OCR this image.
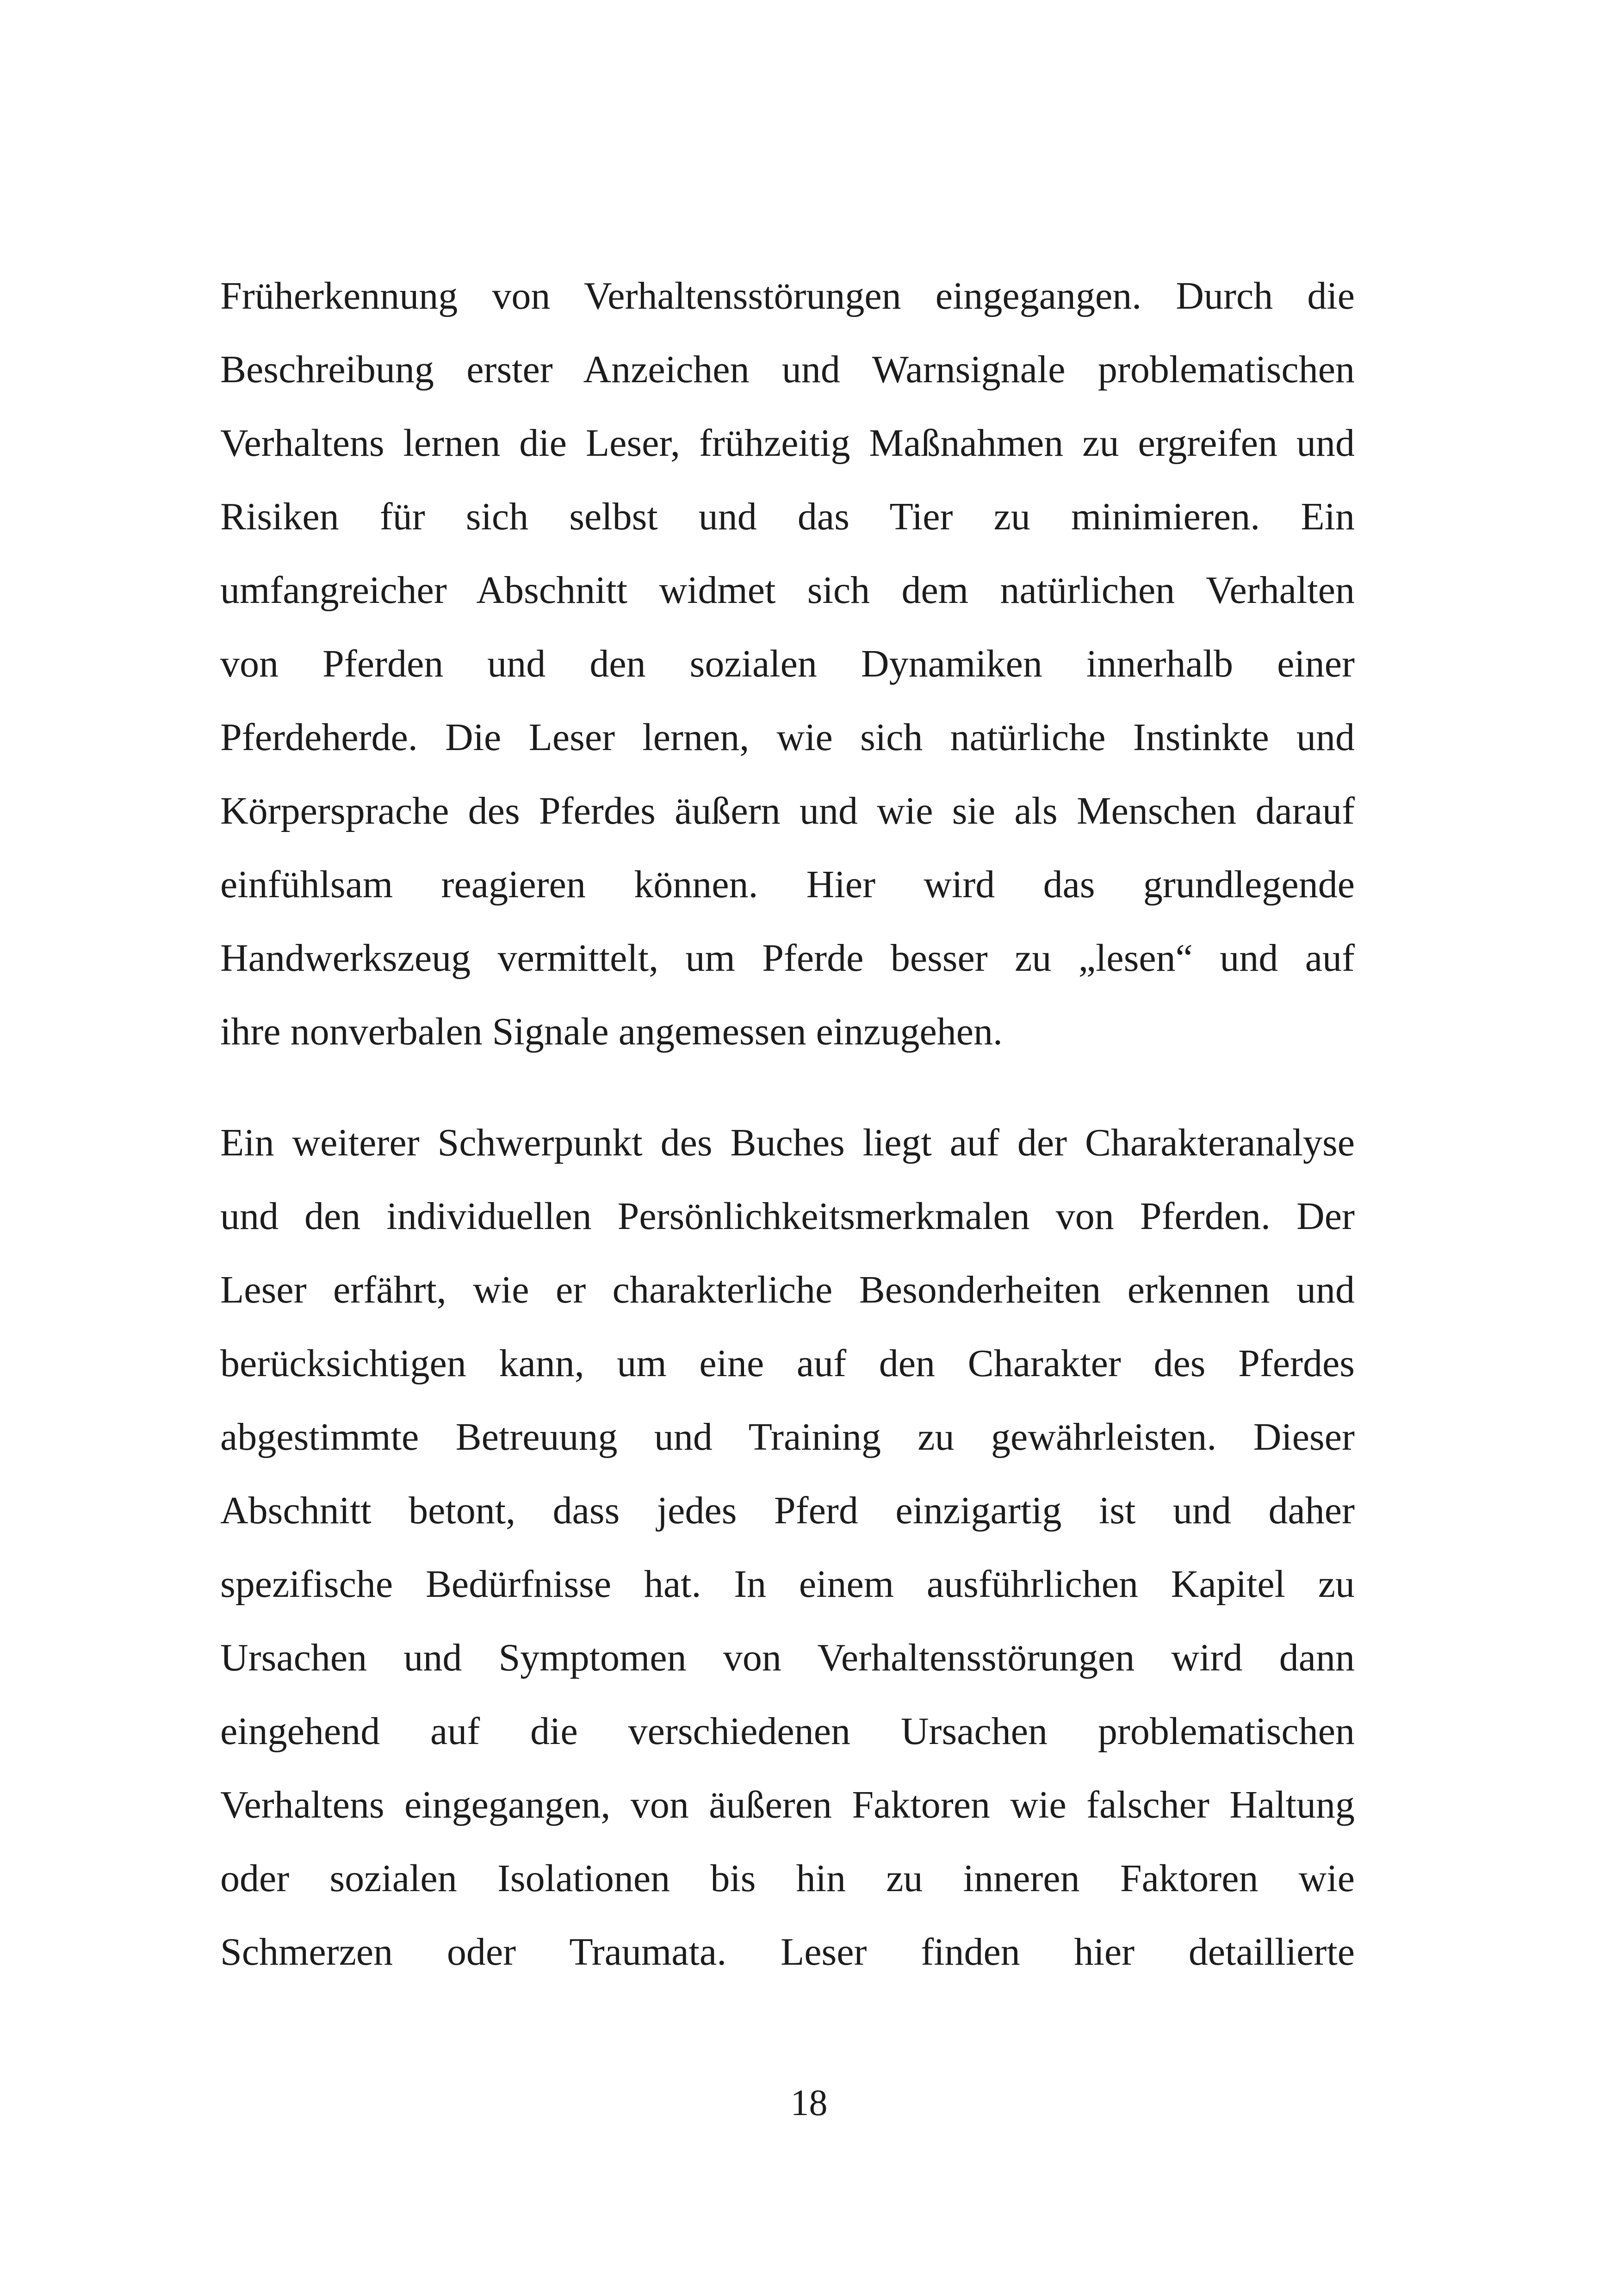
Früherkennung von Verhaltensstörungen eingegangen. Durch die
Beschreibung erster Anzeichen und Warnsignale problematischen
Verhaltens lernen die Leser, frühzeitig Maßnahmen zu ergreifen und
Risiken für sich selbst und das Tier zu minimieren. Ein
umfangreicher Abschnitt widmet sich dem natürlichen Verhalten
von Pferden und den sozialen Dynamiken innerhalb einer
Pferdeherde. Die Leser lernen, wie sich natürliche Instinkte und
Körpersprache des Pferdes äußern und wie sie als Menschen darauf
einfühlsam reagieren können. Hier wird das grundlegende
Handwerkszeug vermittelt, um Pferde besser zu „lesen“ und auf
ihre nonverbalen Signale angemessen einzugehen.
Ein weiterer Schwerpunkt des Buches liegt auf der Charakteranalyse
und den individuellen Persönlichkeitsmerkmalen von Pferden. Der
Leser erfährt, wie er charakterliche Besonderheiten erkennen und
berücksichtigen kann, um eine auf den Charakter des Pferdes
abgestimmte Betreuung und Training zu gewährleisten. Dieser
Abschnitt betont, dass jedes Pferd einzigartig ist und daher
spezifische Bedürfnisse hat. In einem ausführlichen Kapitel zu
Ursachen und Symptomen von Verhaltensstörungen wird dann
eingehend auf die verschiedenen Ursachen problematischen
Verhaltens eingegangen, von äußeren Faktoren wie falscher Haltung
oder sozialen Isolationen bis hin zu inneren Faktoren wie
Schmerzen oder Traumata. Leser finden hier detaillierte
18
